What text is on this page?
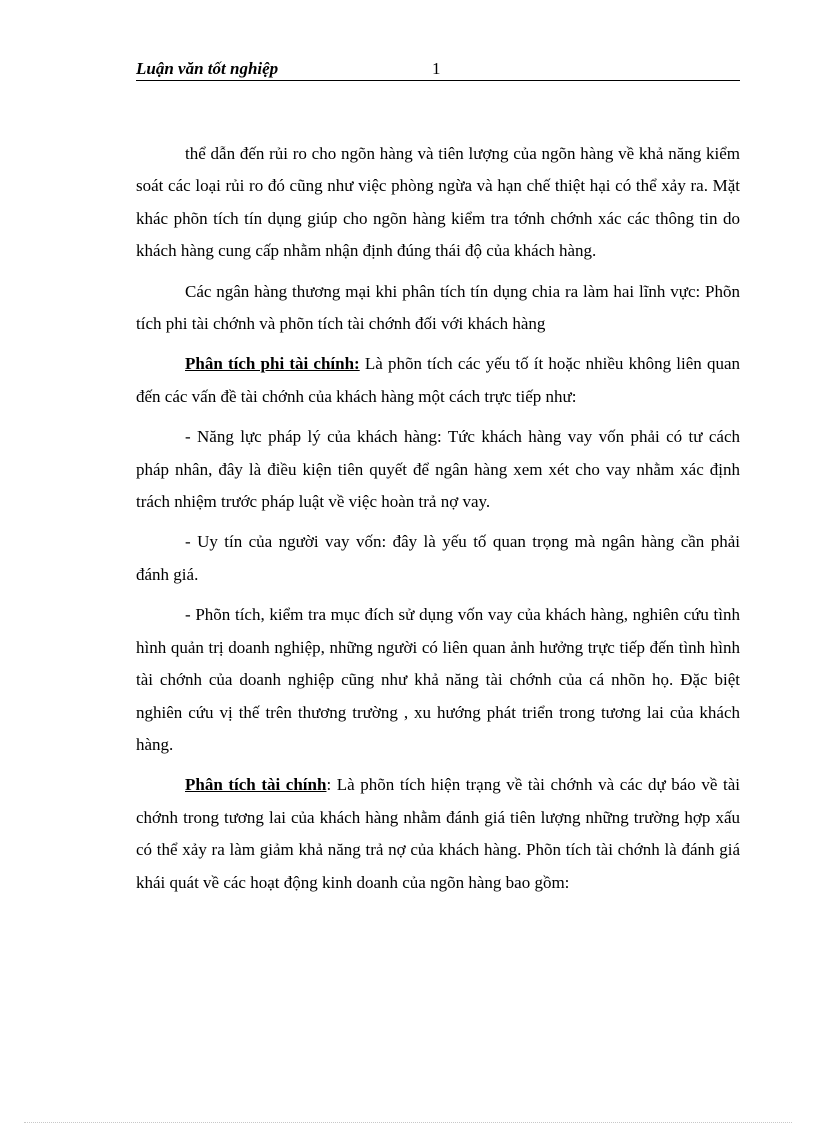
Luận văn tốt nghiệp	1

thể dẫn đến rủi ro cho ngõn hàng và tiên lượng của ngõn hàng về khả năng kiểm soát các loại rủi ro đó cũng như việc phòng ngừa và hạn chế thiệt hại có thể xảy ra. Mặt khác phõn tích tín dụng giúp cho ngõn hàng kiểm tra tớnh chớnh xác các thông tin do khách hàng cung cấp nhằm nhận định đúng thái độ của khách hàng.

Các ngân hàng thương mại khi phân tích tín dụng chia ra làm hai lĩnh vực: Phõn tích phi tài chớnh và phõn tích tài chớnh đối với khách hàng

Phân tích phi tài chính: Là phõn tích các yếu tố ít hoặc nhiều không liên quan đến các vấn đề tài chớnh của khách hàng một cách trực tiếp như:

- Năng lực pháp lý của khách hàng: Tức khách hàng vay vốn phải có tư cách pháp nhân, đây là điều kiện tiên quyết để ngân hàng xem xét cho vay nhằm xác định trách nhiệm trước pháp luật về việc hoàn trả nợ vay.

- Uy tín của người vay vốn: đây là yếu tố quan trọng mà ngân hàng cần phải đánh giá.

- Phõn tích, kiểm tra mục đích sử dụng vốn vay của khách hàng, nghiên cứu tình hình quản trị doanh nghiệp, những người có liên quan ảnh hưởng trực tiếp đến tình hình tài chớnh của doanh nghiệp cũng như khả năng tài chớnh của cá nhõn họ. Đặc biệt nghiên cứu vị thế trên thương trường , xu hướng phát triển trong tương lai của khách hàng.

Phân tích tài chính: Là phõn tích hiện trạng về tài chớnh và các dự báo về tài chớnh trong tương lai của khách hàng nhằm đánh giá tiên lượng những trường hợp xấu có thể xảy ra làm giảm khả năng trả nợ của khách hàng. Phõn tích tài chớnh là đánh giá khái quát về các hoạt động kinh doanh của ngõn hàng bao gồm:
